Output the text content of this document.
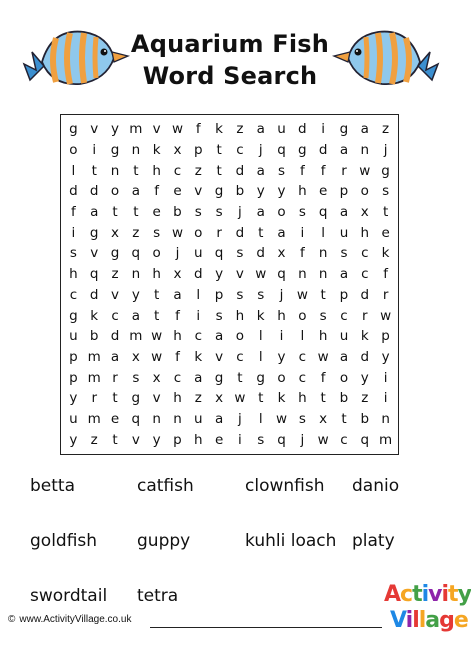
Aquarium Fish
Word Search
g v y m v w f	k z a u d	i	g a z
o	i	g n k x p	t	c	j	q g d a n	j
l	t	n	t	h c	z	t	d a s	f	f	r w g
d d o a	f	e v g b y y h e p o s
f	a	t	t	e b s	s	j	a o s q a x	t
i	g x z	s w o	r	d	t	a	i	l	u h e
s v g q o	j	u q s d x	f	n s	c k
h q z n h x d y v w q n n a c	f
c d v y	t	a	l	p s	s	j w t	p d	r
g k c a	t	f	i	s h k h o s	c	r w
u b d m w h c a o	l	i	l	h u k p
p m a x w f	k v c	l	y c w a d y
p m r	s x c a g	t	g o c	f	o y	i
y	r	t	g v h z x w t	k h	t	b z	i
u m e q n n u a	j	l w s x	t	b n
y z	t	v y p h e	i	s q	j w c q m
betta	catfish	clownfish danio
goldfish guppy	kuhli loach platy
swordtail tetra
© www.ActivityVillage.co.uk
Activity
Village
